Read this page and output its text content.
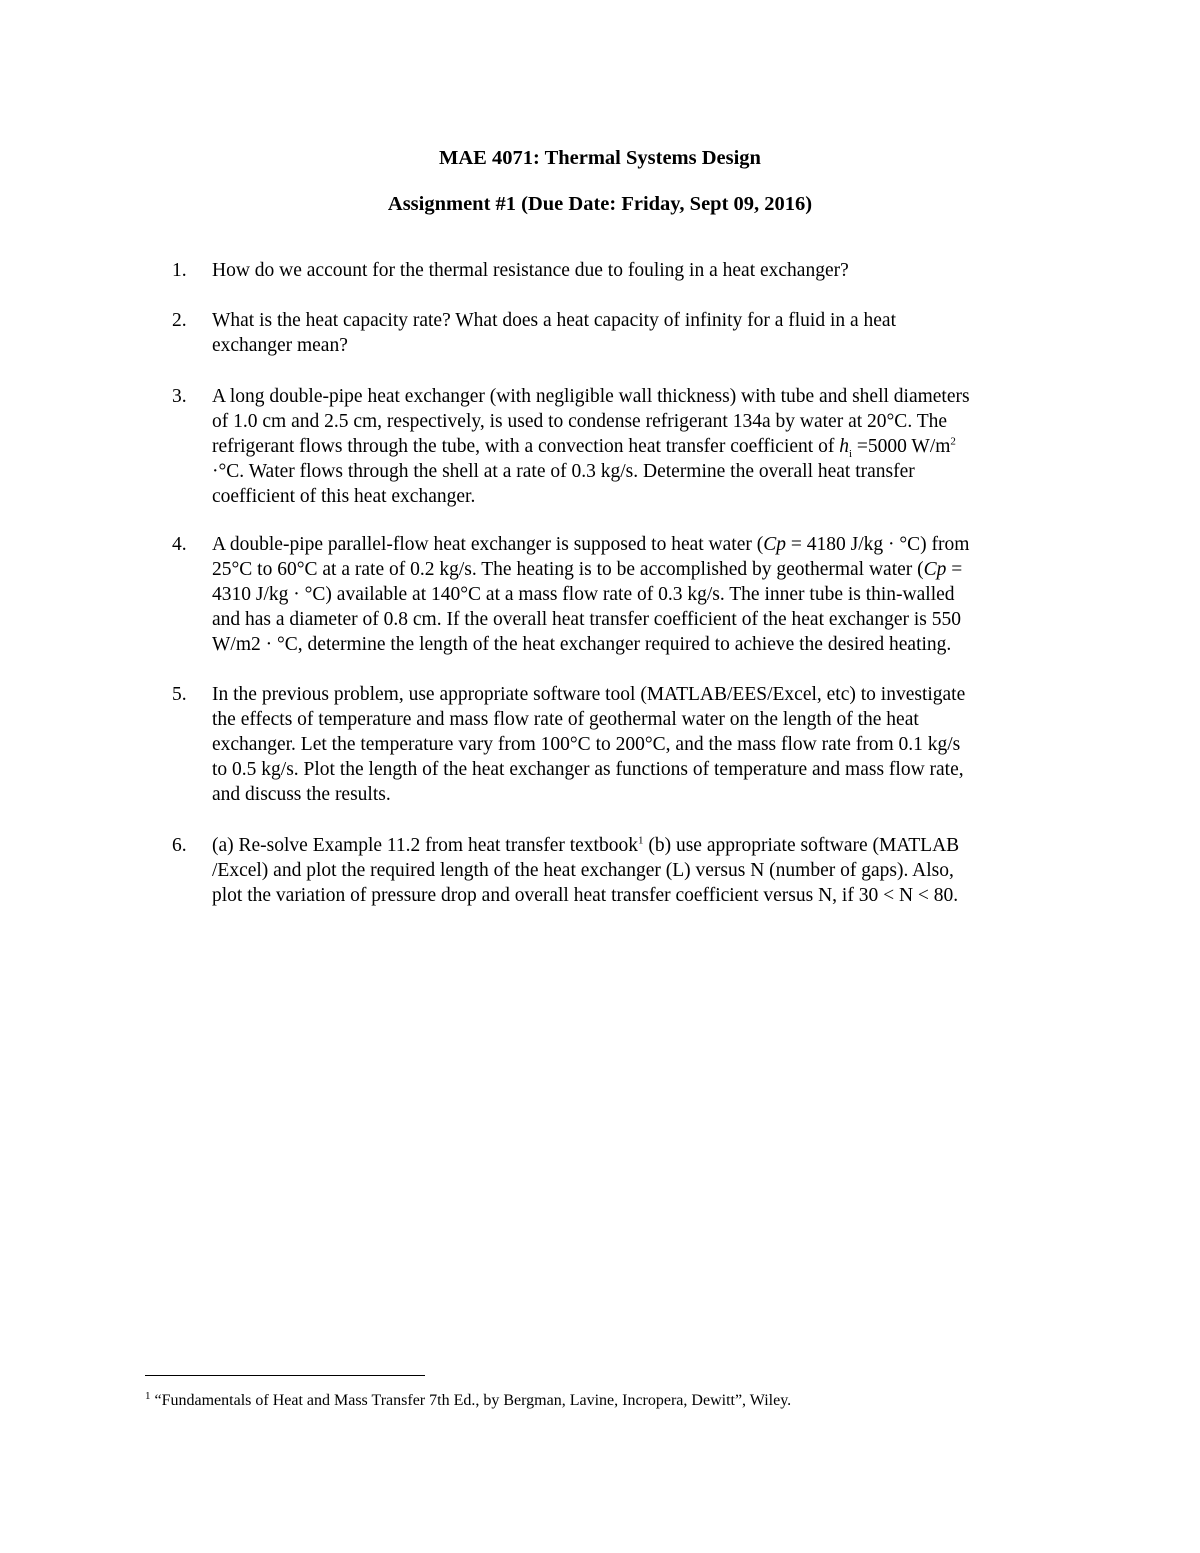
MAE 4071: Thermal Systems Design
Assignment #1 (Due Date: Friday, Sept 09, 2016)
1.	How do we account for the thermal resistance due to fouling in a heat exchanger?
2.	What is the heat capacity rate? What does a heat capacity of infinity for a fluid in a heat
exchanger mean?
3.	A long double-pipe heat exchanger (with negligible wall thickness) with tube and shell diameters
of 1.0 cm and 2.5 cm, respectively, is used to condense refrigerant 134a by water at 20°C. The
refrigerant flows through the tube, with a convection heat transfer coefficient of $h_i =5000$ W/m$^2$
·°C. Water flows through the shell at a rate of 0.3 kg/s. Determine the overall heat transfer
coefficient of this heat exchanger.
4.	A double-pipe parallel-flow heat exchanger is supposed to heat water (Cp = 4180 J/kg · °C) from
25°C to 60°C at a rate of 0.2 kg/s. The heating is to be accomplished by geothermal water (Cp =
4310 J/kg · °C) available at 140°C at a mass flow rate of 0.3 kg/s. The inner tube is thin-walled
and has a diameter of 0.8 cm. If the overall heat transfer coefficient of the heat exchanger is 550
W/m2 · °C, determine the length of the heat exchanger required to achieve the desired heating.
5.	In the previous problem, use appropriate software tool (MATLAB/EES/Excel, etc) to investigate
the effects of temperature and mass flow rate of geothermal water on the length of the heat
exchanger. Let the temperature vary from 100°C to 200°C, and the mass flow rate from 0.1 kg/s
to 0.5 kg/s. Plot the length of the heat exchanger as functions of temperature and mass flow rate,
and discuss the results.
6.	(a) Re-solve Example 11.2 from heat transfer textbook$^1$ (b) use appropriate software (MATLAB
/Excel) and plot the required length of the heat exchanger (L) versus N (number of gaps). Also,
plot the variation of pressure drop and overall heat transfer coefficient versus N, if 30 < N < 80.
$^1$ “Fundamentals of Heat and Mass Transfer 7th Ed., by Bergman, Lavine, Incropera, Dewitt”, Wiley.
